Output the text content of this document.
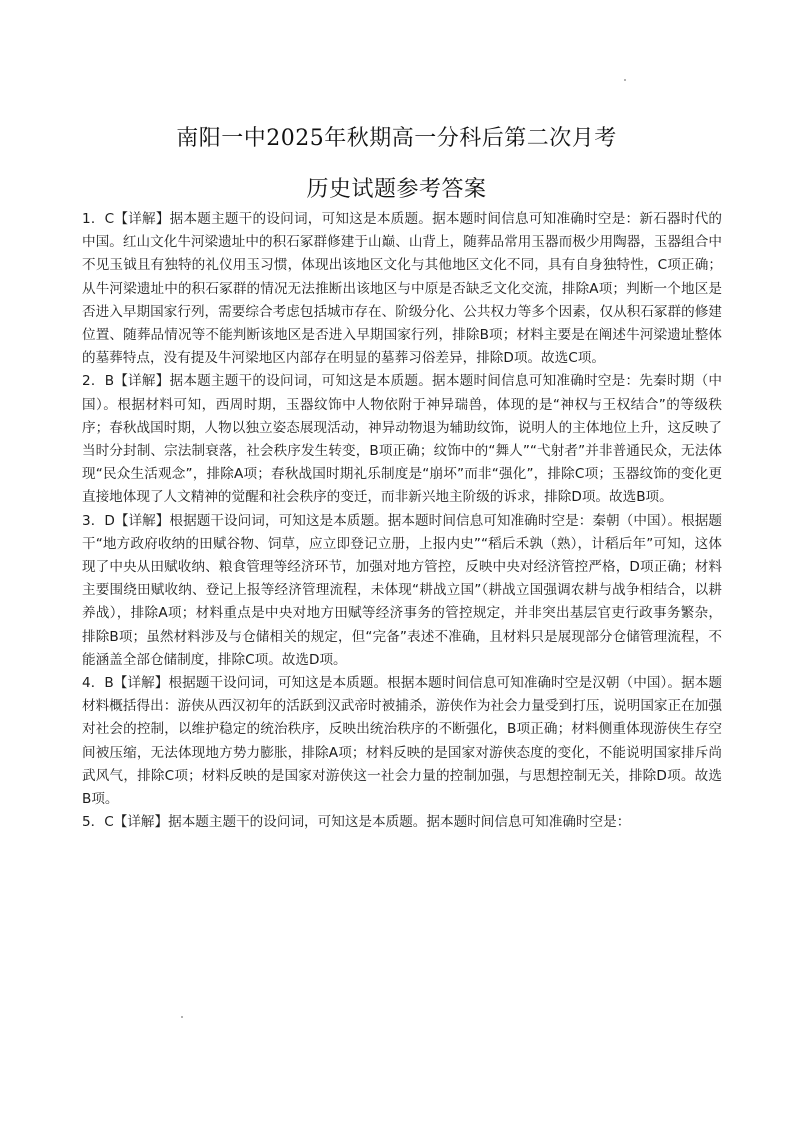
南阳一中2025年秋期高一分科后第二次月考
历史试题参考答案

1．C【详解】据本题主题干的设问词，可知这是本质题。据本题时间信息可知准确时空是：新石器时代的中国。红山文化牛河梁遗址中的积石冢群修建于山巅、山背上，随葬品常用玉器而极少用陶器，玉器组合中不见玉钺且有独特的礼仪用玉习惯，体现出该地区文化与其他地区文化不同，具有自身独特性，C项正确；从牛河梁遗址中的积石冢群的情况无法推断出该地区与中原是否缺乏文化交流，排除A项；判断一个地区是否进入早期国家行列，需要综合考虑包括城市存在、阶级分化、公共权力等多个因素，仅从积石冢群的修建位置、随葬品情况等不能判断该地区是否进入早期国家行列，排除B项；材料主要是在阐述牛河梁遗址整体的墓葬特点，没有提及牛河梁地区内部存在明显的墓葬习俗差异，排除D项。故选C项。

2．B【详解】据本题主题干的设问词，可知这是本质题。据本题时间信息可知准确时空是：先秦时期（中国）。根据材料可知，西周时期，玉器纹饰中人物依附于神异瑞兽，体现的是“神权与王权结合”的等级秩序；春秋战国时期，人物以独立姿态展现活动，神异动物退为辅助纹饰，说明人的主体地位上升，这反映了当时分封制、宗法制衰落，社会秩序发生转变，B项正确；纹饰中的“舞人”“弋射者”并非普通民众，无法体现“民众生活观念”，排除A项；春秋战国时期礼乐制度是“崩坏”而非“强化”，排除C项；玉器纹饰的变化更直接地体现了人文精神的觉醒和社会秩序的变迁，而非新兴地主阶级的诉求，排除D项。故选B项。

3．D【详解】根据题干设问词，可知这是本质题。据本题时间信息可知准确时空是：秦朝（中国）。根据题干“地方政府收纳的田赋谷物、饲草，应立即登记立册，上报内史”“稻后禾孰（熟），计稻后年”可知，这体现了中央从田赋收纳、粮食管理等经济环节，加强对地方管控，反映中央对经济管控严格，D项正确；材料主要围绕田赋收纳、登记上报等经济管理流程，未体现“耕战立国”（耕战立国强调农耕与战争相结合，以耕养战），排除A项；材料重点是中央对地方田赋等经济事务的管控规定，并非突出基层官吏行政事务繁杂，排除B项；虽然材料涉及与仓储相关的规定，但“完备”表述不准确，且材料只是展现部分仓储管理流程，不能涵盖全部仓储制度，排除C项。故选D项。

4．B【详解】根据题干设问词，可知这是本质题。根据本题时间信息可知准确时空是汉朝（中国）。据本题材料概括得出：游侠从西汉初年的活跃到汉武帝时被捕杀，游侠作为社会力量受到打压，说明国家正在加强对社会的控制，以维护稳定的统治秩序，反映出统治秩序的不断强化，B项正确；材料侧重体现游侠生存空间被压缩，无法体现地方势力膨胀，排除A项；材料反映的是国家对游侠态度的变化，不能说明国家排斥尚武风气，排除C项；材料反映的是国家对游侠这一社会力量的控制加强，与思想控制无关，排除D项。故选B项。

5．C【详解】据本题主题干的设问词，可知这是本质题。据本题时间信息可知准确时空是：
